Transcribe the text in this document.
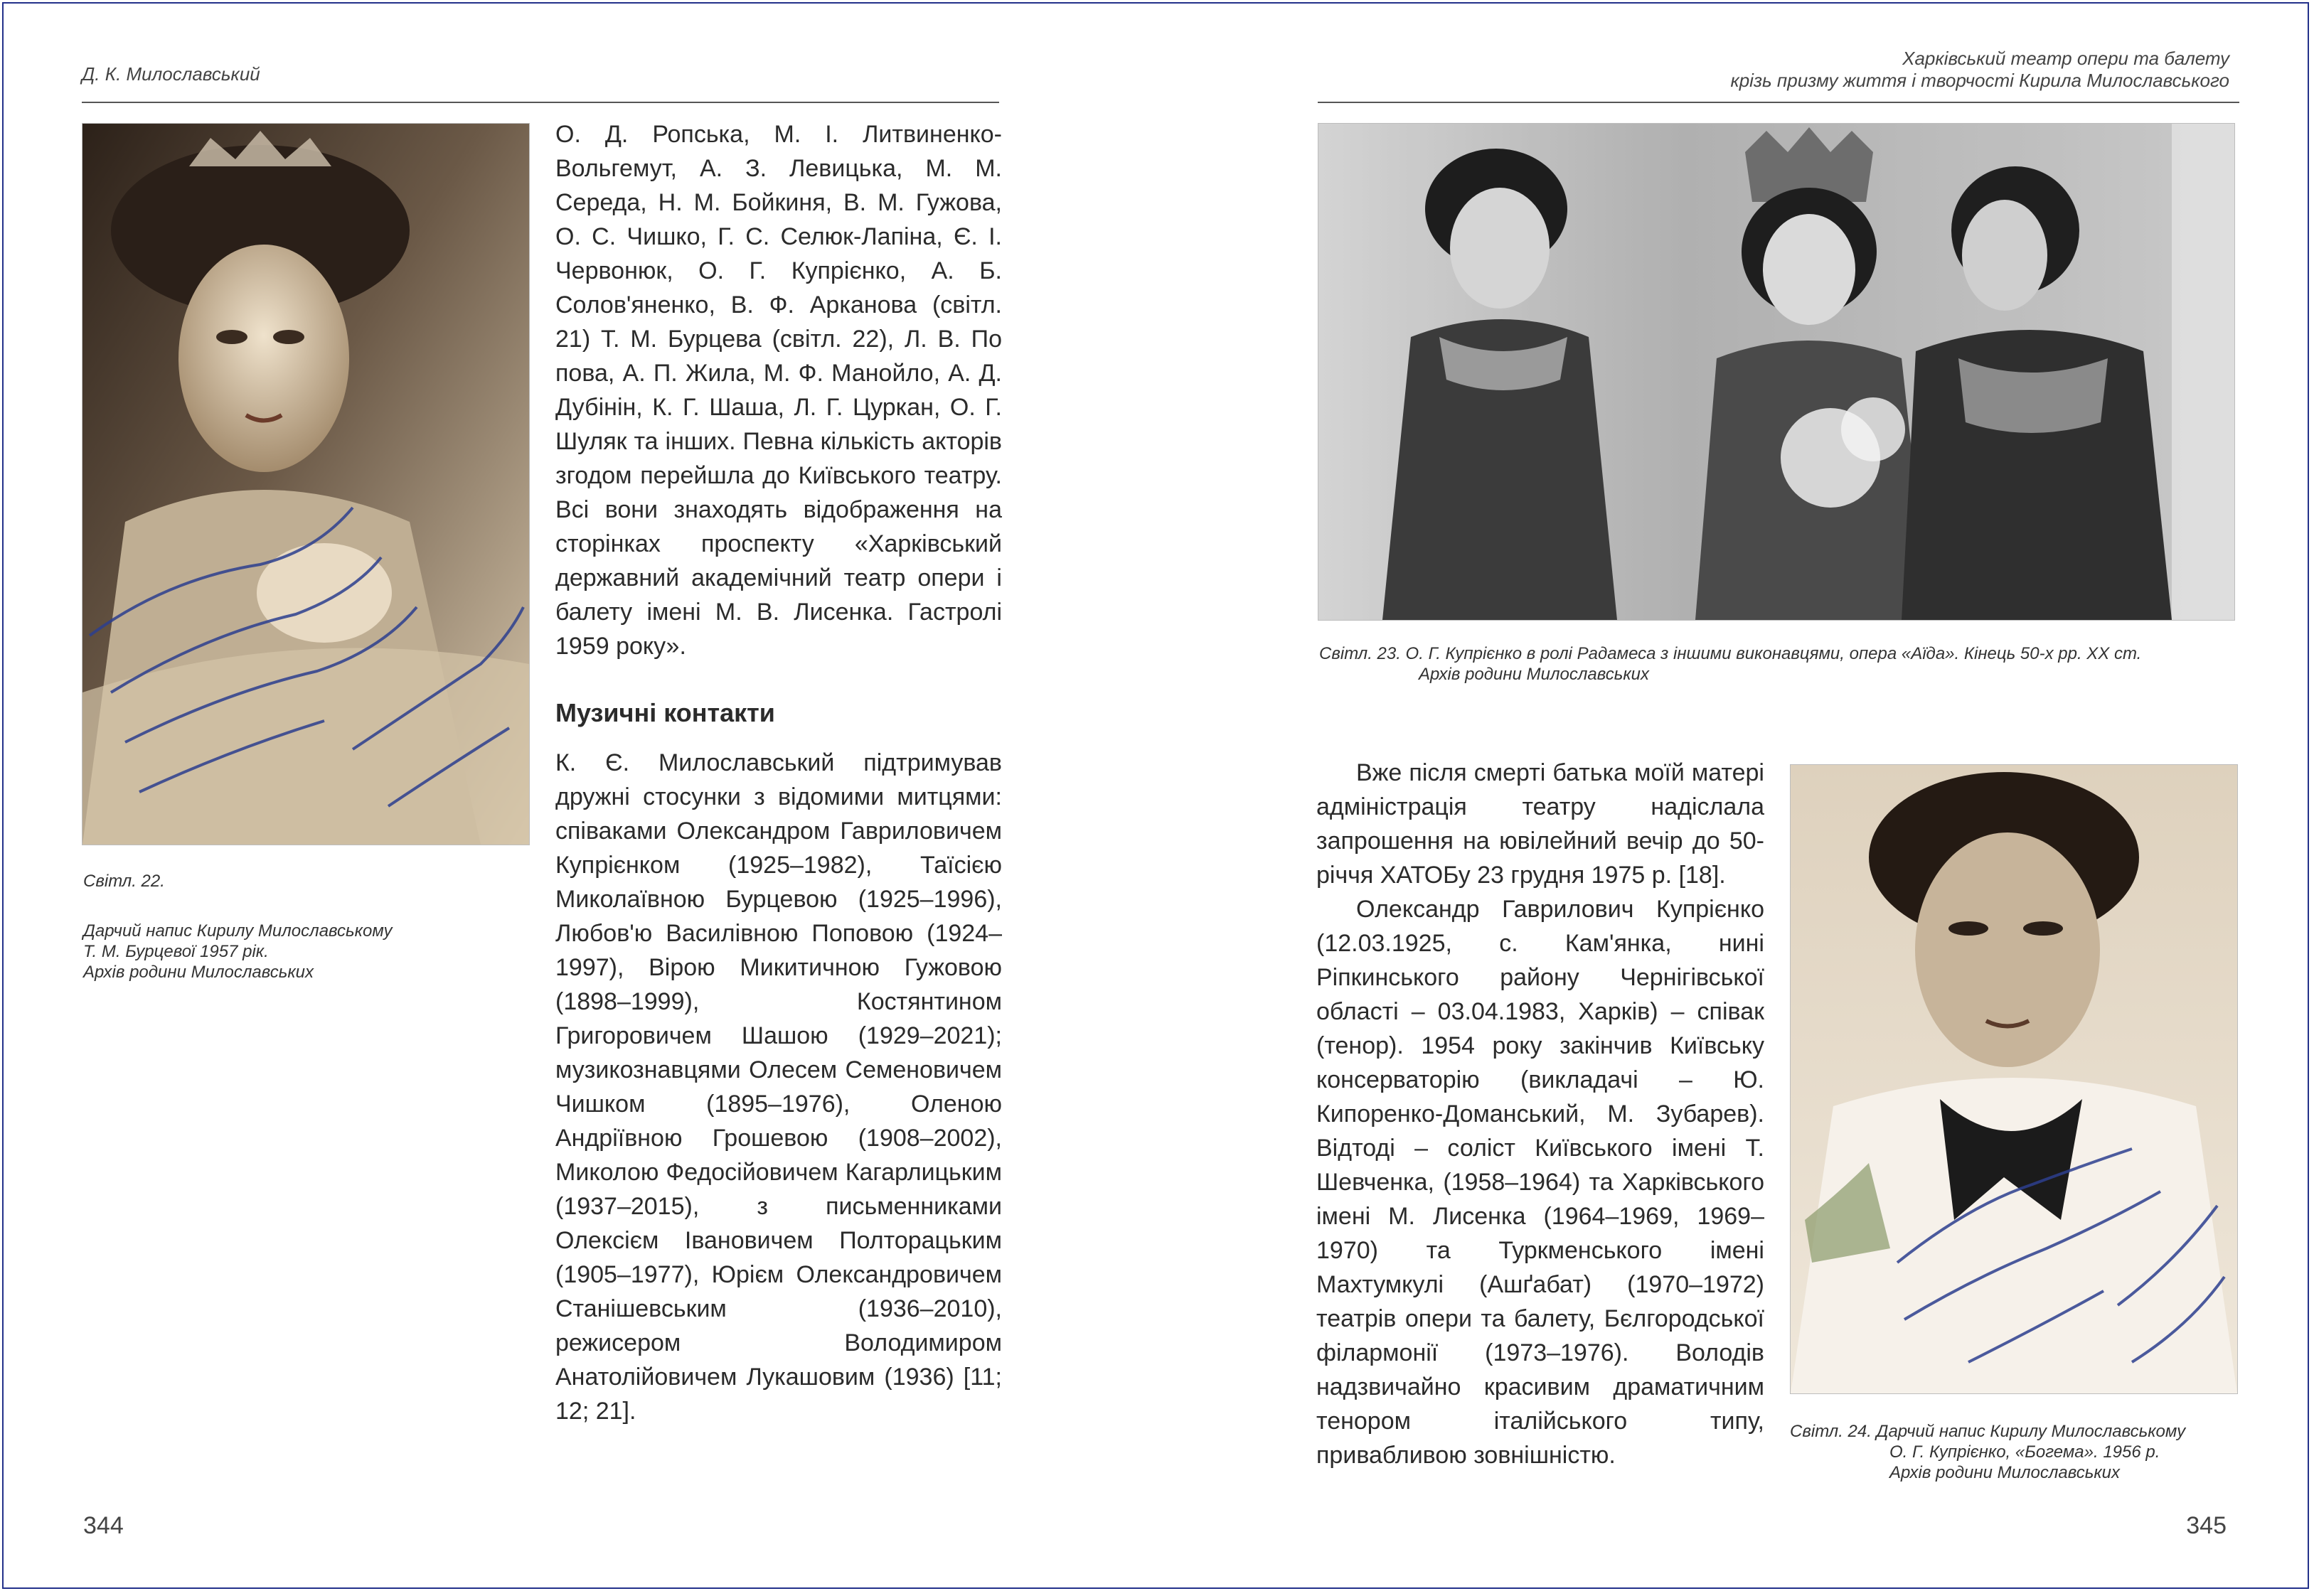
Д. К. Милославський
Харківський театр опери та балету
крізь призму життя і творчості Кирила Милославського
Світл. 22.
Дарчий напис Кирилу Милославському
Т. М. Бурцевої 1957 рік.
Архів родини Милославських

О. Д. Ропська, М. І. Литвиненко-Вольгемут, А. З. Левицька, М. М. Середа, Н. М. Бойкиня, В. М. Гужова, О. С. Чишко, Г. С. Селюк-Лапіна, Є. І. Червонюк, О. Г. Купрієнко, А. Б. Солов'яненко, В. Ф. Арканова (світл. 21) Т. М. Бурцева (світл. 22), Л. В. По пова, А. П. Жила, М. Ф. Манойло, А. Д. Дубінін, К. Г. Шаша, Л. Г. Цуркан, О. Г. Шуляк та інших. Певна кількість акторів згодом перейшла до Київського театру. Всі вони знаходять відображення на сторінках проспекту «Харківський державний академічний театр опери і балету імені М. В. Лисенка. Гастролі 1959 року».

Музичні контакти

К. Є. Милославський підтримував дружні стосунки з відомими митцями: співаками Олександром Гавриловичем Купрієнком (1925–1982), Таїсією Миколаївною Бурцевою (1925–1996), Любов'ю Василівною Поповою (1924–1997), Вірою Микитичною Гужовою (1898–1999), Костянтином Григоровичем Шашою (1929–2021); музикознавцями Олесем Семеновичем Чишком (1895–1976), Оленою Андріївною Грошевою (1908–2002), Миколою Федосійовичем Кагарлицьким (1937–2015), з письменниками Олексієм Івановичем Полторацьким (1905–1977), Юрієм Олександровичем Станішевським (1936–2010), режисером Володимиром Анатолійовичем Лукашовим (1936) [11; 12; 21].

344
Світл. 23. О. Г. Купрієнко в ролі Радамеса з іншими виконавцями, опера «Аїда». Кінець 50-х рр. ХХ ст.
Архів родини Милославських

Вже після смерті батька моїй матері адміністрація театру надіслала запрошення на ювілейний вечір до 50-річчя ХАТОБу 23 грудня 1975 р. [18].

Олександр Гаврилович Купрієнко (12.03.1925, с. Кам'янка, нині Ріпкинського району Чернігівської області – 03.04.1983, Харків) – співак (тенор). 1954 року закінчив Київську консерваторію (викладачі – Ю. Кипоренко-Доманський, М. Зубарев). Відтоді – соліст Київського імені Т. Шевченка, (1958–1964) та Харківського імені М. Лисенка (1964–1969, 1969–1970) та Туркменського імені Махтумкулі (Ашґабат) (1970–1972) театрів опери та балету, Бєлгородської філармонії (1973–1976). Володів надзвичайно красивим драматичним тенором італійського типу, привабливою зовнішністю.

Світл. 24. Дарчий напис Кирилу Милославському
О. Г. Купрієнко, «Богема». 1956 р.
Архів родини Милославських
345
